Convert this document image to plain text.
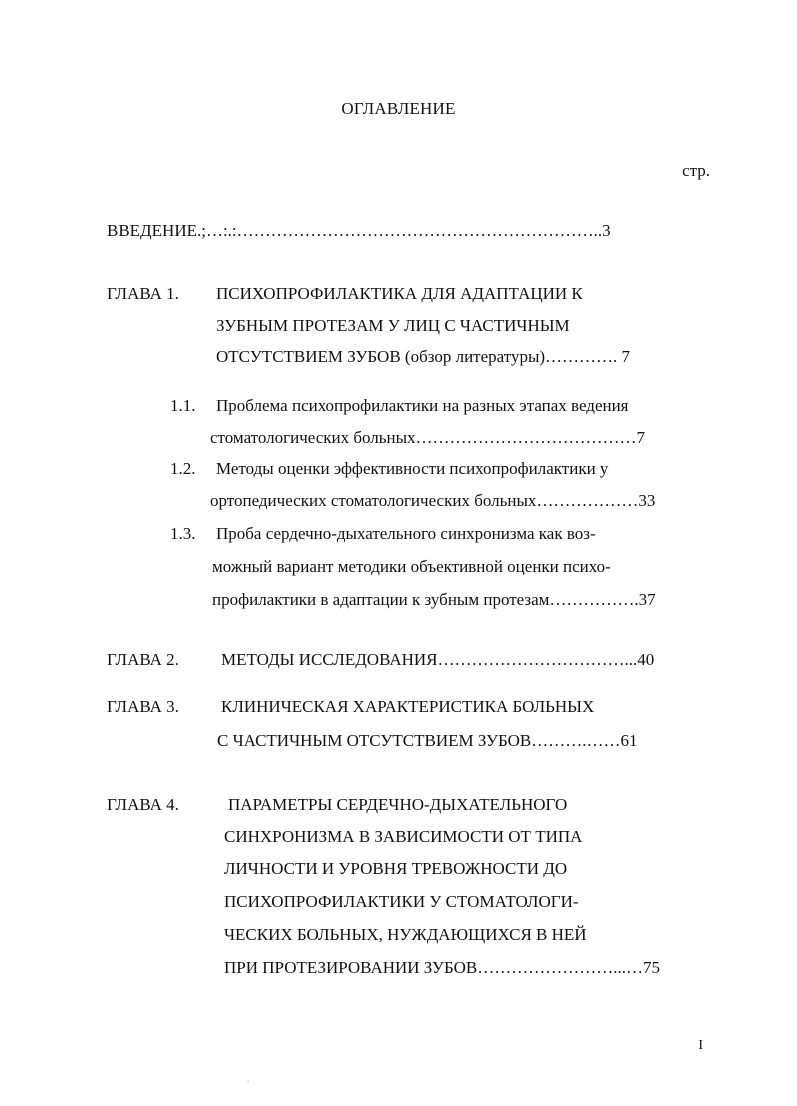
ОГЛАВЛЕНИЕ
стр.
ВВЕДЕНИЕ.;…:.:………………………………………………………..3
ГЛАВА 1. ПСИХОПРОФИЛАКТИКА ДЛЯ АДАПТАЦИИ К
ЗУБНЫМ ПРОТЕЗАМ У ЛИЦ С ЧАСТИЧНЫМ
ОТСУТСТВИЕМ ЗУБОВ (обзор литературы)…………. 7
1.1. Проблема психопрофилактики на разных этапах ведения
стоматологических больных…………………………………7
1.2. Методы оценки эффективности психопрофилактики у
ортопедических стоматологических больных………………33
1.3. Проба сердечно-дыхательного синхронизма как воз-
можный вариант методики объективной оценки психо-
профилактики в адаптации к зубным протезам…………….37
ГЛАВА 2. МЕТОДЫ ИССЛЕДОВАНИЯ……………………………...40
ГЛАВА 3. КЛИНИЧЕСКАЯ ХАРАКТЕРИСТИКА БОЛЬНЫХ
С ЧАСТИЧНЫМ ОТСУТСТВИЕМ ЗУБОВ……….……61
ГЛАВА 4.	ПАРАМЕТРЫ СЕРДЕЧНО-ДЫХАТЕЛЬНОГО
СИНХРОНИЗМА В ЗАВИСИМОСТИ ОТ ТИПА
ЛИЧНОСТИ И УРОВНЯ ТРЕВОЖНОСТИ ДО
ПСИХОПРОФИЛАКТИКИ У СТОМАТОЛОГИ-
ЧЕСКИХ БОЛЬНЫХ, НУЖДАЮЩИХСЯ В НЕЙ
ПРИ ПРОТЕЗИРОВАНИИ ЗУБОВ……………………...…75
I
.
